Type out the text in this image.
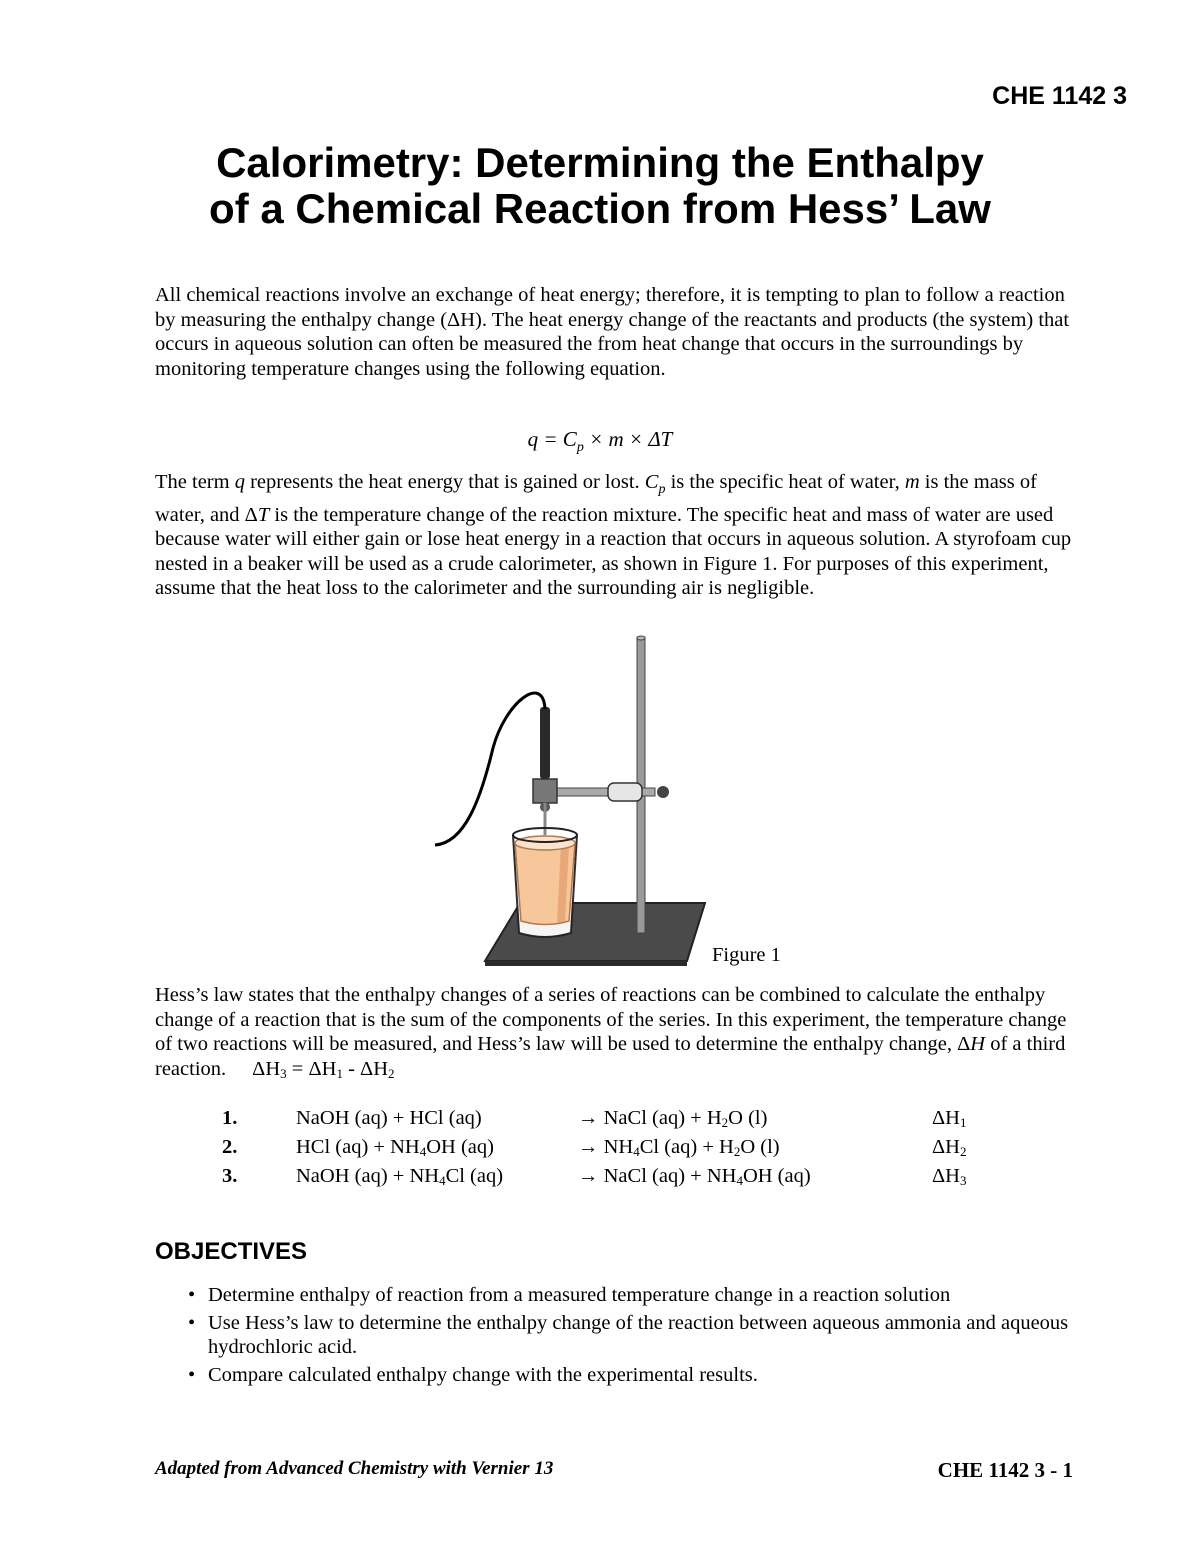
CHE 1142 3
Calorimetry: Determining the Enthalpy
of a Chemical Reaction from Hess’ Law

All chemical reactions involve an exchange of heat energy; therefore, it is tempting to plan to follow a reaction by measuring the enthalpy change (ΔH). The heat energy change of the reactants and products (the system) that occurs in aqueous solution can often be measured the from heat change that occurs in the surroundings by monitoring temperature changes using the following equation.

$q = C_p \times m \times \Delta T$

The term q represents the heat energy that is gained or lost. $C_p$ is the specific heat of water, m is the mass of water, and ΔT is the temperature change of the reaction mixture. The specific heat and mass of water are used because water will either gain or lose heat energy in a reaction that occurs in aqueous solution. A styrofoam cup nested in a beaker will be used as a crude calorimeter, as shown in Figure 1. For purposes of this experiment, assume that the heat loss to the calorimeter and the surrounding air is negligible.

Figure 1

Hess’s law states that the enthalpy changes of a series of reactions can be combined to calculate the enthalpy change of a reaction that is the sum of the components of the series. In this experiment, the temperature change of two reactions will be measured, and Hess’s law will be used to determine the enthalpy change, ΔH of a third reaction. $\Delta H_3 = \Delta H_1 - \Delta H_2$

1.	NaOH (aq) + HCl (aq)	→ NaCl $(aq) + H_2O$ (l)	$\Delta H_1$
2.	HCl $(aq) + NH_4OH$ (aq)	→ $NH_4Cl$ $(aq) + H_2O$ (l)	$\Delta H_2$
3.	NaOH $(aq) + NH_4Cl$ (aq)	→ NaCl $(aq) + NH_4OH$ (aq)	$\Delta H_3$
OBJECTIVES
• Determine enthalpy of reaction from a measured temperature change in a reaction solution
• Use Hess’s law to determine the enthalpy change of the reaction between aqueous ammonia and aqueous hydrochloric acid.
• Compare calculated enthalpy change with the experimental results.
Adapted from Advanced Chemistry with Vernier 13	CHE 1142 3 - 1
